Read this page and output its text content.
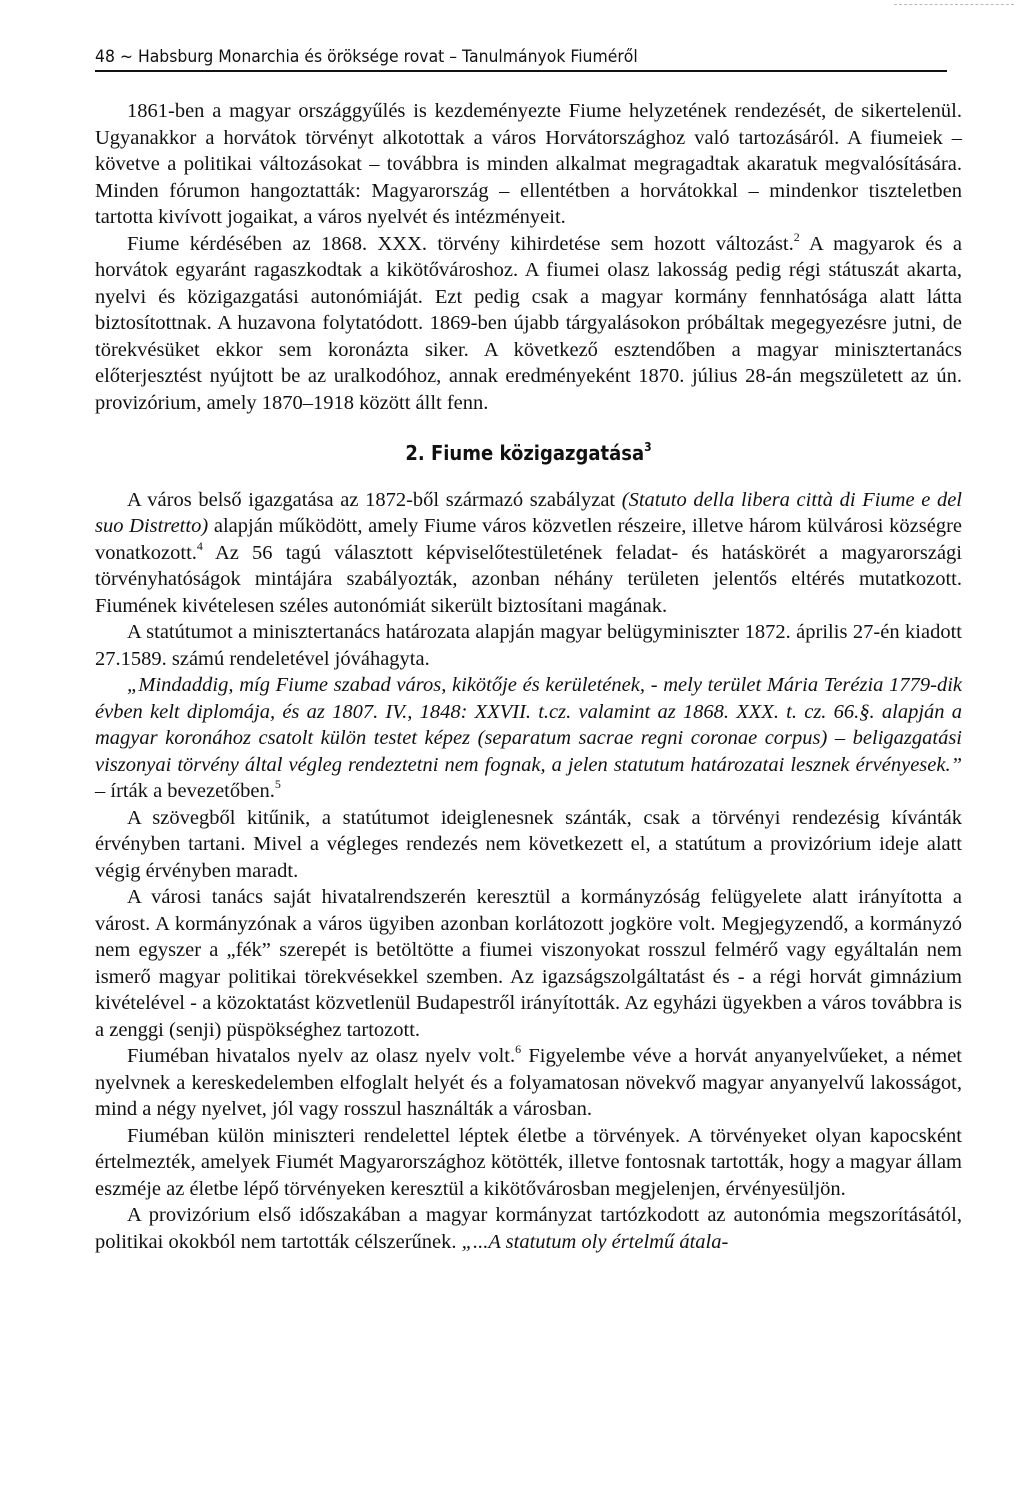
48 ~ Habsburg Monarchia és öröksége rovat – Tanulmányok Fiuméről

1861-ben a magyar országgyűlés is kezdeményezte Fiume helyzetének rendezését, de sikertelenül. Ugyanakkor a horvátok törvényt alkotottak a város Horvátországhoz való tartozásáról. A fiumeiek – követve a politikai változásokat – továbbra is minden alkalmat megragadtak akaratuk megvalósítására. Minden fórumon hangoztatták: Magyarország – ellentétben a horvátokkal – mindenkor tiszteletben tartotta kivívott jogaikat, a város nyelvét és intézményeit.

Fiume kérdésében az 1868. XXX. törvény kihirdetése sem hozott változást.$^2$ A magyarok és a horvátok egyaránt ragaszkodtak a kikötővároshoz. A fiumei olasz lakosság pedig régi státuszát akarta, nyelvi és közigazgatási autonómiáját. Ezt pedig csak a magyar kormány fennhatósága alatt látta biztosítottnak. A huzavona folytatódott. 1869-ben újabb tárgyalásokon próbáltak megegyezésre jutni, de törekvésüket ekkor sem koronázta siker. A következő esztendőben a magyar minisztertanács előterjesztést nyújtott be az uralkodóhoz, annak eredményeként 1870. július 28-án megszületett az ún. provizórium, amely 1870–1918 között állt fenn.

2. Fiume közigazgatása$^3$

A város belső igazgatása az 1872-ből származó szabályzat (Statuto della libera città di Fiume e del suo Distretto) alapján működött, amely Fiume város közvetlen részeire, illetve három külvárosi községre vonatkozott.$^4$ Az 56 tagú választott képviselőtestületének feladat- és hatáskörét a magyarországi törvényhatóságok mintájára szabályozták, azonban néhány területen jelentős eltérés mutatkozott. Fiumének kivételesen széles autonómiát sikerült biztosítani magának.

A statútumot a minisztertanács határozata alapján magyar belügyminiszter 1872. április 27-én kiadott 27.1589. számú rendeletével jóváhagyta.

„Mindaddig, míg Fiume szabad város, kikötője és kerületének, - mely terület Mária Terézia 1779-dik évben kelt diplomája, és az 1807. IV., 1848: XXVII. t.cz. valamint az 1868. XXX. t. cz. 66.§. alapján a magyar koronához csatolt külön testet képez (separatum sacrae regni coronae corpus) – beligazgatási viszonyai törvény által végleg rendeztetni nem fognak, a jelen statutum határozatai lesznek érvényesek.” – írták a bevezetőben.$^5$

A szövegből kitűnik, a statútumot ideiglenesnek szánták, csak a törvényi rendezésig kívánták érvényben tartani. Mivel a végleges rendezés nem következett el, a statútum a provizórium ideje alatt végig érvényben maradt.

A városi tanács saját hivatalrendszerén keresztül a kormányzóság felügyelete alatt irányította a várost. A kormányzónak a város ügyiben azonban korlátozott jogköre volt. Megjegyzendő, a kormányzó nem egyszer a „fék” szerepét is betöltötte a fiumei viszonyokat rosszul felmérő vagy egyáltalán nem ismerő magyar politikai törekvésekkel szemben. Az igazságszolgáltatást és - a régi horvát gimnázium kivételével - a közoktatást közvetlenül Budapestről irányították. Az egyházi ügyekben a város továbbra is a zenggi (senji) püspökséghez tartozott.

Fiuméban hivatalos nyelv az olasz nyelv volt.$^6$ Figyelembe véve a horvát anyanyelvűeket, a német nyelvnek a kereskedelemben elfoglalt helyét és a folyamatosan növekvő magyar anyanyelvű lakosságot, mind a négy nyelvet, jól vagy rosszul használták a városban.

Fiuméban külön miniszteri rendelettel léptek életbe a törvények. A törvényeket olyan kapocsként értelmezték, amelyek Fiumét Magyarországhoz kötötték, illetve fontosnak tartották, hogy a magyar állam eszméje az életbe lépő törvényeken keresztül a kikötővárosban megjelenjen, érvényesüljön.

A provizórium első időszakában a magyar kormányzat tartózkodott az autonómia megszorításától, politikai okokból nem tartották célszerűnek. „...A statutum oly értelmű átala-
